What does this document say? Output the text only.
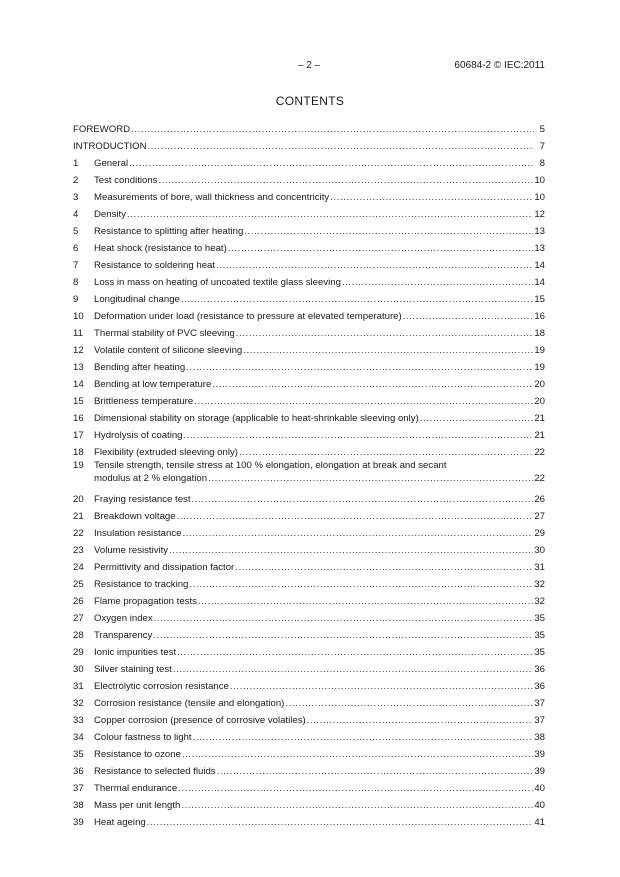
– 2 –	60684-2 © IEC:2011
CONTENTS
FOREWORD .....	5
INTRODUCTION .....	7
1	General .....	8
2	Test conditions .....	10
3	Measurements of bore, wall thickness and concentricity .....	10
4	Density .....	12
5	Resistance to splitting after heating .....	13
6	Heat shock (resistance to heat) .....	13
7	Resistance to soldering heat .....	14
8	Loss in mass on heating of uncoated textile glass sleeving .....	14
9	Longitudinal change .....	15
10	Deformation under load (resistance to pressure at elevated temperature) .....	16
11	Thermal stability of PVC sleeving .....	18
12	Volatile content of silicone sleeving .....	19
13	Bending after heating .....	19
14	Bending at low temperature .....	20
15	Brittleness temperature .....	20
16	Dimensional stability on storage (applicable to heat-shrinkable sleeving only) .....	21
17	Hydrolysis of coating .....	21
18	Flexibility (extruded sleeving only) .....	22
19	Tensile strength, tensile stress at 100 % elongation, elongation at break and secant
modulus at 2 % elongation .....	22
20	Fraying resistance test .....	26
21	Breakdown voltage .....	27
22	Insulation resistance .....	29
23	Volume resistivity .....	30
24	Permittivity and dissipation factor .....	31
25	Resistance to tracking .....	32
26	Flame propagation tests .....	32
27	Oxygen index .....	35
28	Transparency .....	35
29	Ionic impurities test .....	35
30	Silver staining test .....	36
31	Electrolytic corrosion resistance .....	36
32	Corrosion resistance (tensile and elongation) .....	37
33	Copper corrosion (presence of corrosive volatiles) .....	37
34	Colour fastness to light .....	38
35	Resistance to ozone .....	39
36	Resistance to selected fluids .....	39
37	Thermal endurance .....	40
38	Mass per unit length .....	40
39	Heat ageing .....	41
